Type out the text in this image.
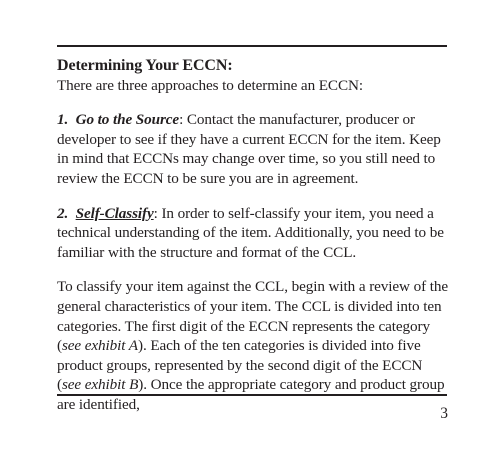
Determining Your ECCN:

There are three approaches to determine an ECCN:

1. Go to the Source: Contact the manufacturer, producer or developer to see if they have a current ECCN for the item. Keep in mind that ECCNs may change over time, so you still need to review the ECCN to be sure you are in agreement.

2. Self-Classify: In order to self-classify your item, you need a technical understanding of the item. Additionally, you need to be familiar with the structure and format of the CCL.

To classify your item against the CCL, begin with a review of the general characteristics of your item. The CCL is divided into ten categories. The first digit of the ECCN represents the category (see exhibit A). Each of the ten categories is divided into five product groups, represented by the second digit of the ECCN (see exhibit B). Once the appropriate category and product group are identified,

3
